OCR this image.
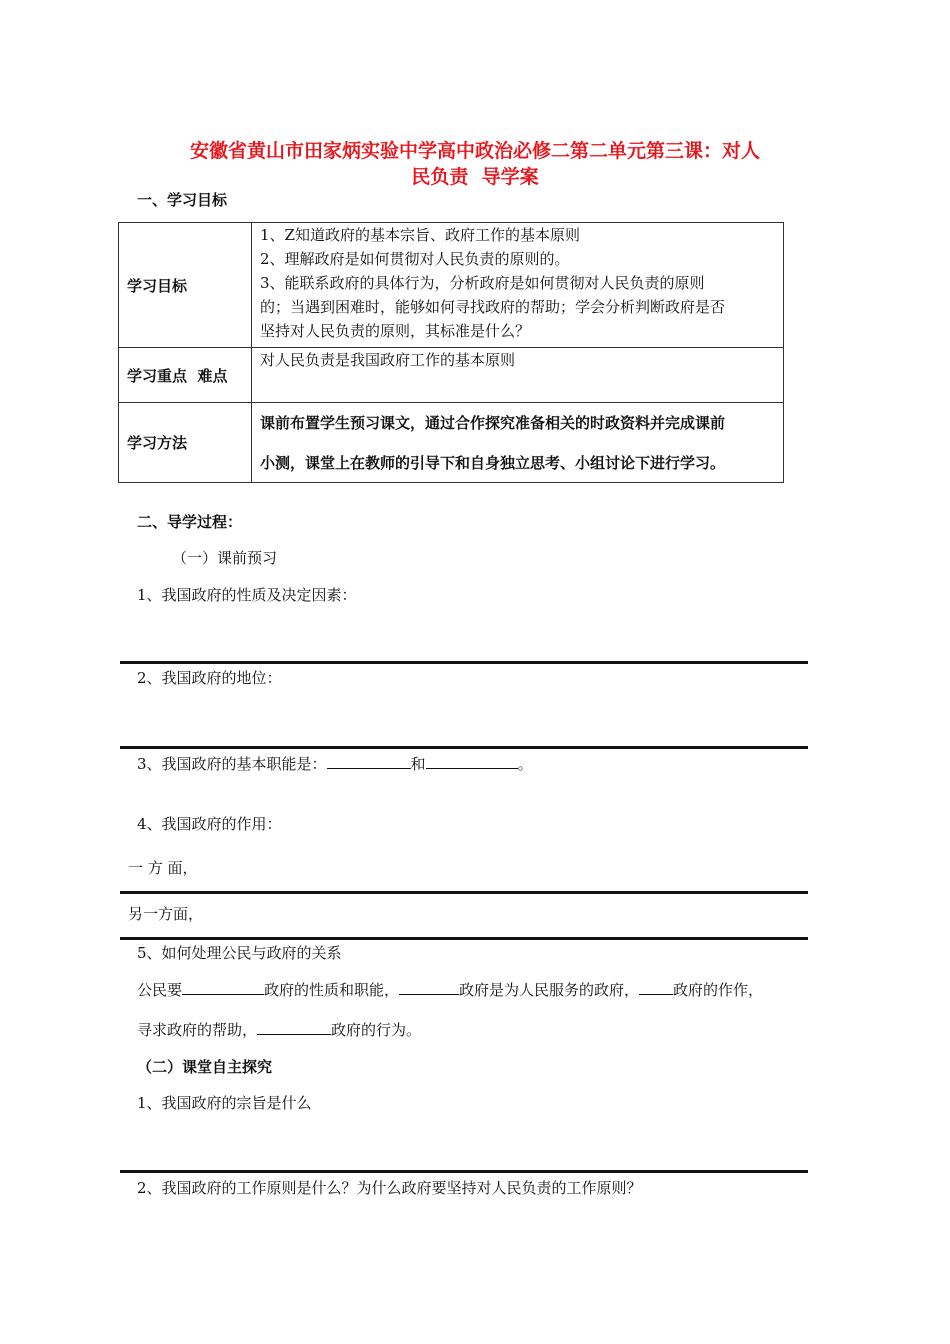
安徽省黄山市田家炳实验中学高中政治必修二第二单元第三课：对人
民负责  导学案
一、学习目标
学习目标	1、Z知道政府的基本宗旨、政府工作的基本原则
2、理解政府是如何贯彻对人民负责的原则的。
3、能联系政府的具体行为，分析政府是如何贯彻对人民负责的原则
的；当遇到困难时，能够如何寻找政府的帮助；学会分析判断政府是否
坚持对人民负责的原则，其标准是什么？

学习重点  难点	对人民负责是我国政府工作的基本原则

学习方法	课前布置学生预习课文，通过合作探究准备相关的时政资料并完成课前
小测，课堂上在教师的引导下和自身独立思考、小组讨论下进行学习。
二、导学过程：
（一）课前预习
1、我国政府的性质及决定因素：
2、我国政府的地位：
3、我国政府的基本职能是：	和	。
4、我国政府的作用：
一 方 面，
另一方面，
5、如何处理公民与政府的关系
公民要	政府的性质和职能，	政府是为人民服务的政府， 政府的作作，
寻求政府的帮助，	政府的行为。
（二）课堂自主探究
1、我国政府的宗旨是什么
2、我国政府的工作原则是什么？为什么政府要坚持对人民负责的工作原则？
